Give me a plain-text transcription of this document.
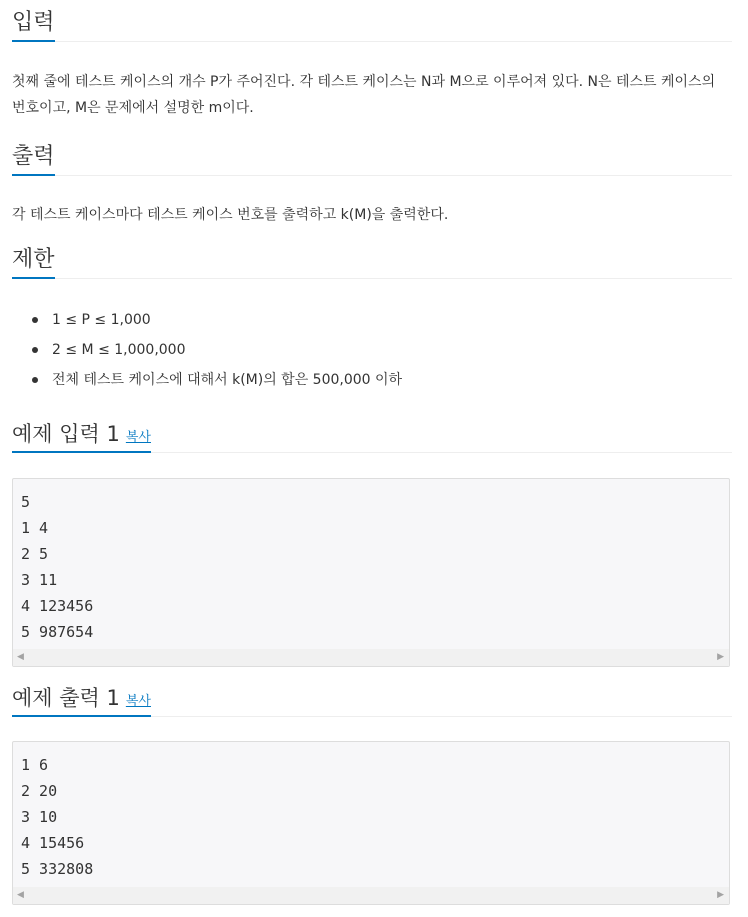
입력

첫째 줄에 테스트 케이스의 개수 P가 주어진다. 각 테스트 케이스는 N과 M으로 이루어져 있다. N은 테스트 케이스의 번호이고, M은 문제에서 설명한 m이다.

출력

각 테스트 케이스마다 테스트 케이스 번호를 출력하고 k(M)을 출력한다.

제한
1 ≤ P ≤ 1,000
2 ≤ M ≤ 1,000,000
전체 테스트 케이스에 대해서 k(M)의 합은 500,000 이하
예제 입력 1 복사
5
1 4
2 5
3 11
4 123456
5 987654
◀	▶
예제 출력 1 복사
1 6
2 20
3 10
4 15456
5 332808
◀	▶
